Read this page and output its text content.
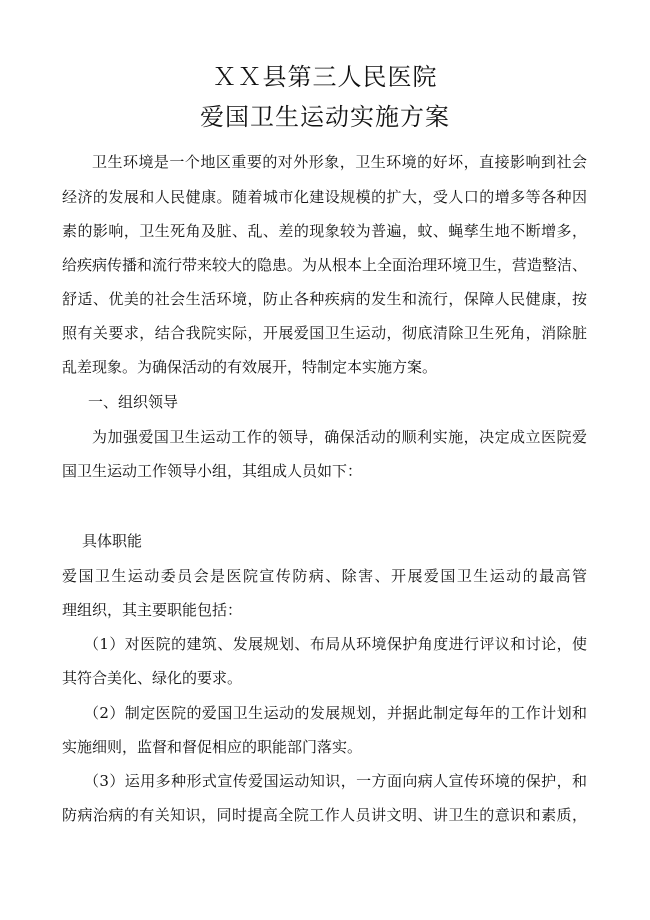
ＸＸ县第三人民医院
爱国卫生运动实施方案
卫生环境是一个地区重要的对外形象，卫生环境的好坏，直接影响到社会
经济的发展和人民健康。随着城市化建设规模的扩大，受人口的增多等各种因
素的影响，卫生死角及脏、乱、差的现象较为普遍，蚊、蝇孳生地不断增多，
给疾病传播和流行带来较大的隐患。为从根本上全面治理环境卫生，营造整洁、
舒适、优美的社会生活环境，防止各种疾病的发生和流行，保障人民健康，按
照有关要求，结合我院实际，开展爱国卫生运动，彻底清除卫生死角，消除脏
乱差现象。为确保活动的有效展开，特制定本实施方案。
一、组织领导
为加强爱国卫生运动工作的领导，确保活动的顺利实施，决定成立医院爱
国卫生运动工作领导小组，其组成人员如下：
具体职能
爱国卫生运动委员会是医院宣传防病、除害、开展爱国卫生运动的最高管
理组织，其主要职能包括：
（1）对医院的建筑、发展规划、布局从环境保护角度进行评议和讨论，使
其符合美化、绿化的要求。
（2）制定医院的爱国卫生运动的发展规划，并据此制定每年的工作计划和
实施细则，监督和督促相应的职能部门落实。
（3）运用多种形式宣传爱国运动知识，一方面向病人宣传环境的保护，和
防病治病的有关知识，同时提高全院工作人员讲文明、讲卫生的意识和素质，
